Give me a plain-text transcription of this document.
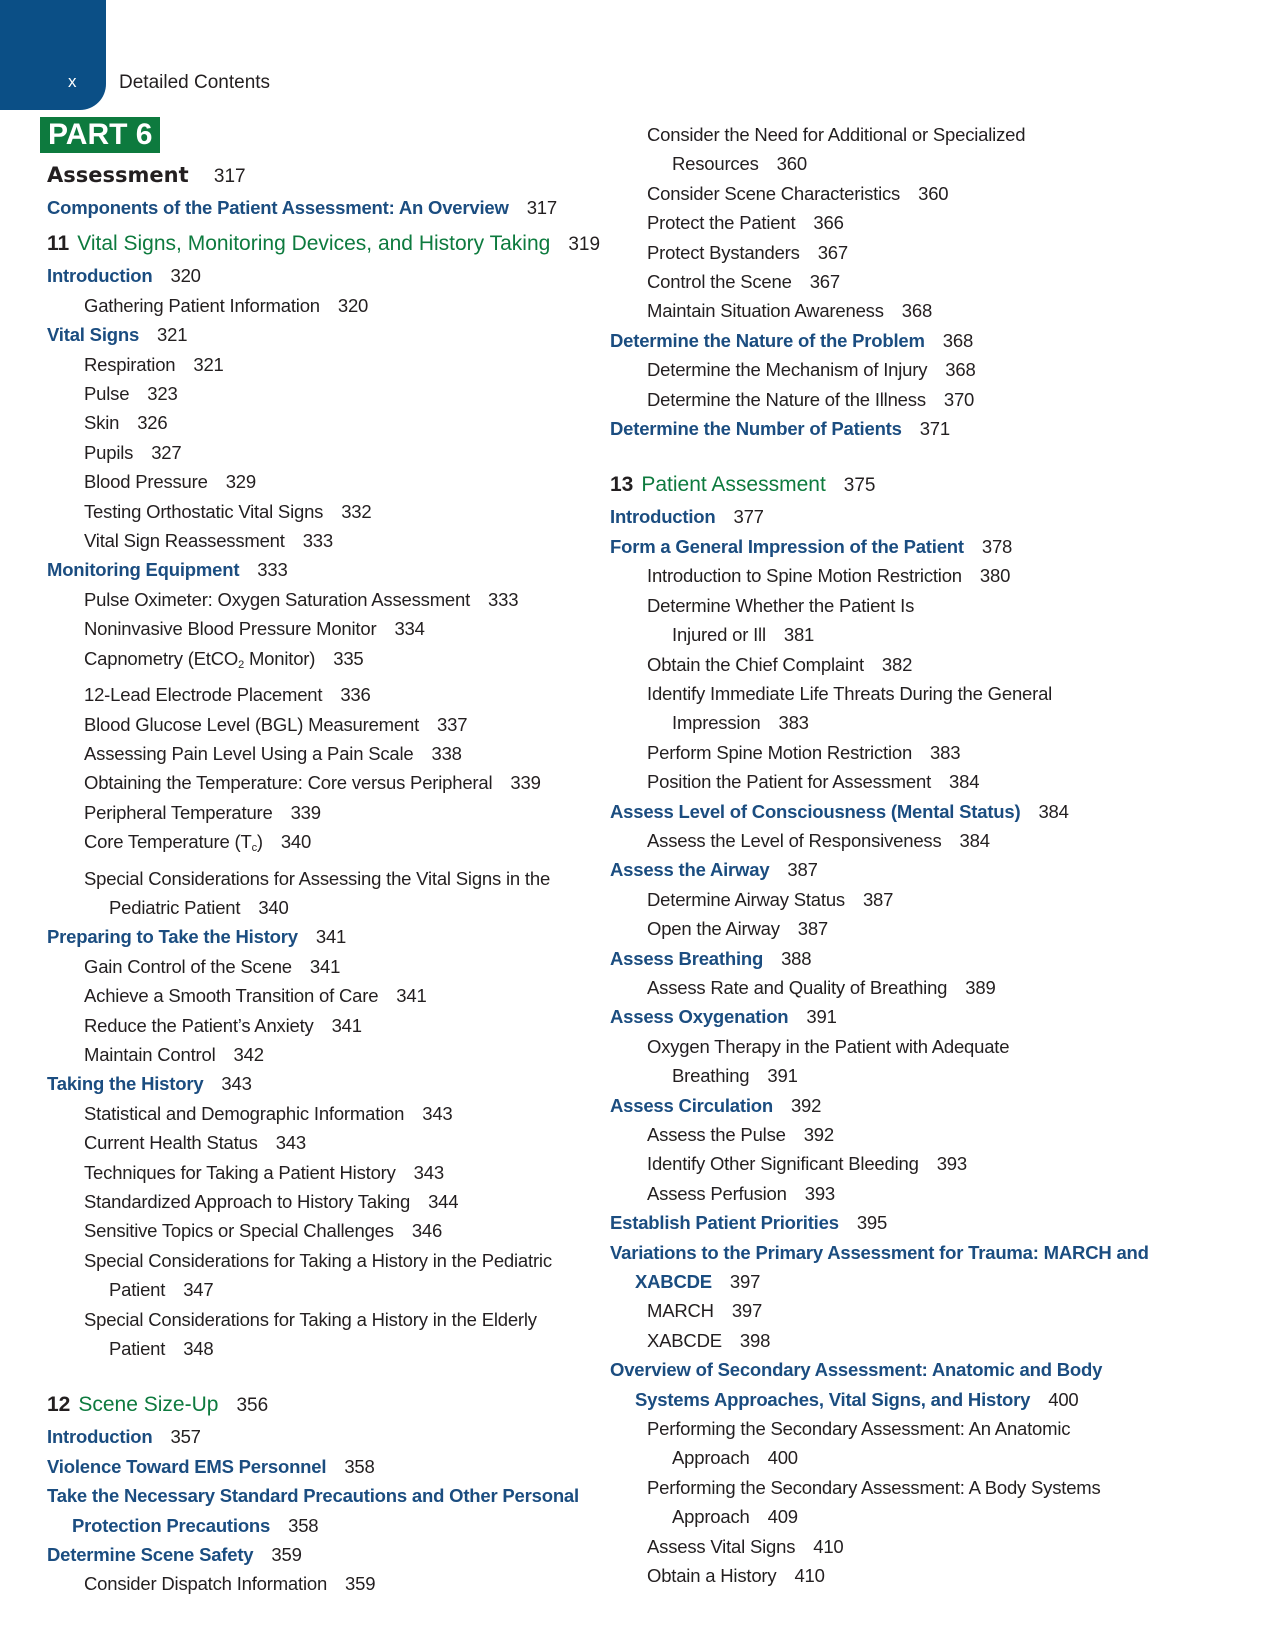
x Detailed Contents
PART 6
Assessment 317
Components of the Patient Assessment: An Overview 317
11 Vital Signs, Monitoring Devices, and History Taking 319
Introduction 320
Gathering Patient Information 320
Vital Signs 321
Respiration 321
Pulse 323
Skin 326
Pupils 327
Blood Pressure 329
Testing Orthostatic Vital Signs 332
Vital Sign Reassessment 333
Monitoring Equipment 333
Pulse Oximeter: Oxygen Saturation Assessment 333
Noninvasive Blood Pressure Monitor 334
Capnometry (EtCO$_2$ Monitor) 335
12-Lead Electrode Placement 336
Blood Glucose Level (BGL) Measurement 337
Assessing Pain Level Using a Pain Scale 338
Obtaining the Temperature: Core versus Peripheral 339
Peripheral Temperature 339
Core Temperature $(T_c)$ 340
Special Considerations for Assessing the Vital Signs in the
Pediatric Patient 340
Preparing to Take the History 341
Gain Control of the Scene 341
Achieve a Smooth Transition of Care 341
Reduce the Patient’s Anxiety 341
Maintain Control 342
Taking the History 343
Statistical and Demographic Information 343
Current Health Status 343
Techniques for Taking a Patient History 343
Standardized Approach to History Taking 344
Sensitive Topics or Special Challenges 346
Special Considerations for Taking a History in the Pediatric
Patient 347
Special Considerations for Taking a History in the Elderly
Patient 348
12 Scene Size-Up 356
Introduction 357
Violence Toward EMS Personnel 358
Take the Necessary Standard Precautions and Other Personal
Protection Precautions 358
Determine Scene Safety 359
Consider Dispatch Information 359
Consider the Need for Additional or Specialized
Resources 360
Consider Scene Characteristics 360
Protect the Patient 366
Protect Bystanders 367
Control the Scene 367
Maintain Situation Awareness 368
Determine the Nature of the Problem 368
Determine the Mechanism of Injury 368
Determine the Nature of the Illness 370
Determine the Number of Patients 371
13 Patient Assessment 375
Introduction 377
Form a General Impression of the Patient 378
Introduction to Spine Motion Restriction 380
Determine Whether the Patient Is
Injured or Ill 381
Obtain the Chief Complaint 382
Identify Immediate Life Threats During the General
Impression 383
Perform Spine Motion Restriction 383
Position the Patient for Assessment 384
Assess Level of Consciousness (Mental Status) 384
Assess the Level of Responsiveness 384
Assess the Airway 387
Determine Airway Status 387
Open the Airway 387
Assess Breathing 388
Assess Rate and Quality of Breathing 389
Assess Oxygenation 391
Oxygen Therapy in the Patient with Adequate
Breathing 391
Assess Circulation 392
Assess the Pulse 392
Identify Other Significant Bleeding 393
Assess Perfusion 393
Establish Patient Priorities 395
Variations to the Primary Assessment for Trauma: MARCH and
XABCDE 397
MARCH 397
XABCDE 398
Overview of Secondary Assessment: Anatomic and Body
Systems Approaches, Vital Signs, and History 400
Performing the Secondary Assessment: An Anatomic
Approach 400
Performing the Secondary Assessment: A Body Systems
Approach 409
Assess Vital Signs 410
Obtain a History 410
